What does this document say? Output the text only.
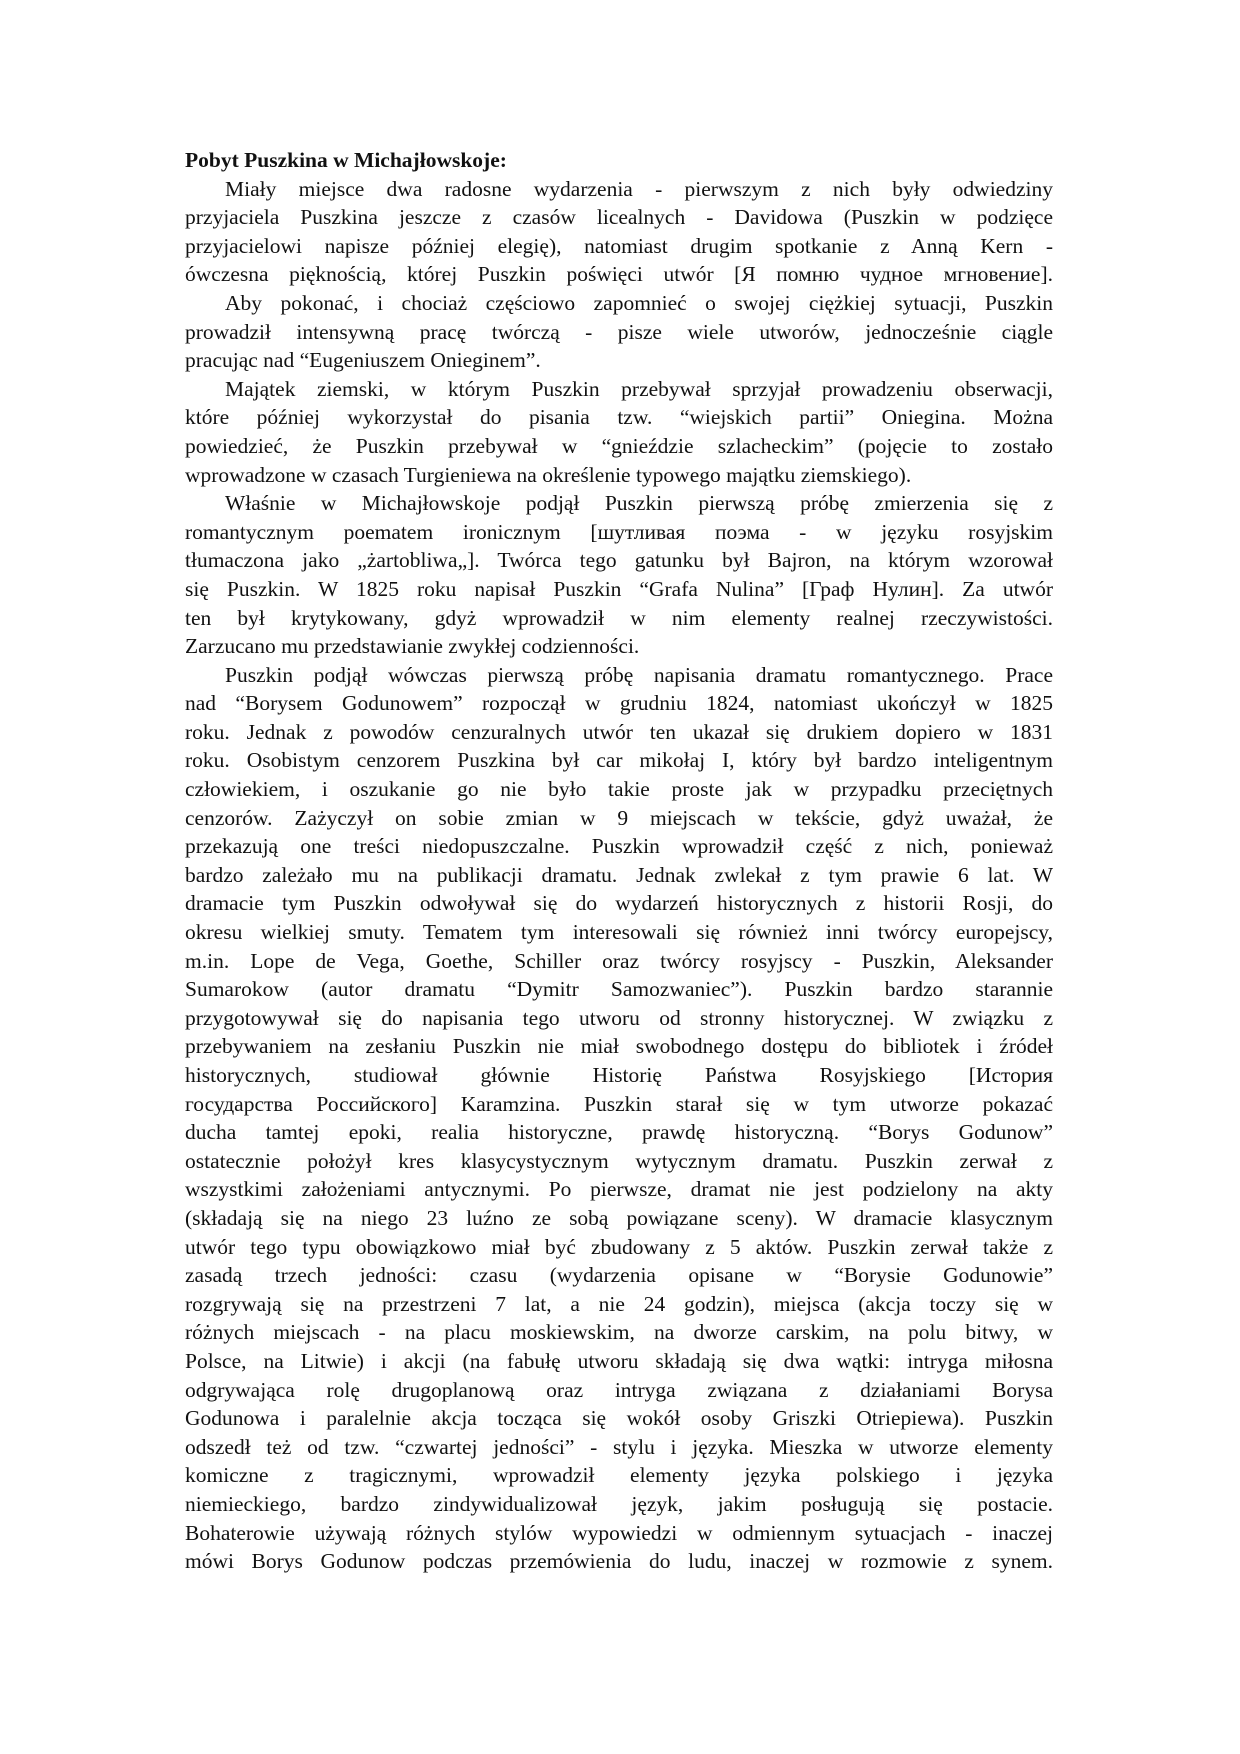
Pobyt Puszkina w Michajłowskoje:
Miały miejsce dwa radosne wydarzenia - pierwszym z nich były odwiedziny
przyjaciela Puszkina jeszcze z czasów licealnych - Davidowa (Puszkin w podzięce
przyjacielowi napisze później elegię), natomiast drugim spotkanie z Anną Kern -
ówczesna pięknością, której Puszkin poświęci utwór [Я помню чудное мгновение].
Aby pokonać, i chociaż częściowo zapomnieć o swojej ciężkiej sytuacji, Puszkin
prowadził intensywną pracę twórczą - pisze wiele utworów, jednocześnie ciągle
pracując nad “Eugeniuszem Onieginem”.
Majątek ziemski, w którym Puszkin przebywał sprzyjał prowadzeniu obserwacji,
które później wykorzystał do pisania tzw. “wiejskich partii” Oniegina. Można
powiedzieć, że Puszkin przebywał w “gnieździe szlacheckim” (pojęcie to zostało
wprowadzone w czasach Turgieniewa na określenie typowego majątku ziemskiego).
Właśnie w Michajłowskoje podjął Puszkin pierwszą próbę zmierzenia się z
romantycznym poematem ironicznym [шутливая поэма - w języku rosyjskim
tłumaczona jako „żartobliwa„]. Twórca tego gatunku był Bajron, na którym wzorował
się Puszkin. W 1825 roku napisał Puszkin “Grafa Nulina” [Граф Нулин]. Za utwór
ten był krytykowany, gdyż wprowadził w nim elementy realnej rzeczywistości.
Zarzucano mu przedstawianie zwykłej codzienności.
Puszkin podjął wówczas pierwszą próbę napisania dramatu romantycznego. Prace
nad “Borysem Godunowem” rozpoczął w grudniu 1824, natomiast ukończył w 1825
roku. Jednak z powodów cenzuralnych utwór ten ukazał się drukiem dopiero w 1831
roku. Osobistym cenzorem Puszkina był car mikołaj I, który był bardzo inteligentnym
człowiekiem, i oszukanie go nie było takie proste jak w przypadku przeciętnych
cenzorów. Zażyczył on sobie zmian w 9 miejscach w tekście, gdyż uważał, że
przekazują one treści niedopuszczalne. Puszkin wprowadził część z nich, ponieważ
bardzo zależało mu na publikacji dramatu. Jednak zwlekał z tym prawie 6 lat. W
dramacie tym Puszkin odwoływał się do wydarzeń historycznych z historii Rosji, do
okresu wielkiej smuty. Tematem tym interesowali się również inni twórcy europejscy,
m.in. Lope de Vega, Goethe, Schiller oraz twórcy rosyjscy - Puszkin, Aleksander
Sumarokow (autor dramatu “Dymitr Samozwaniec”). Puszkin bardzo starannie
przygotowywał się do napisania tego utworu od stronny historycznej. W związku z
przebywaniem na zesłaniu Puszkin nie miał swobodnego dostępu do bibliotek i źródeł
historycznych, studiował głównie Historię Państwa Rosyjskiego [История
государства Российского] Karamzina. Puszkin starał się w tym utworze pokazać
ducha tamtej epoki, realia historyczne, prawdę historyczną. “Borys Godunow”
ostatecznie położył kres klasycystycznym wytycznym dramatu. Puszkin zerwał z
wszystkimi założeniami antycznymi. Po pierwsze, dramat nie jest podzielony na akty
(składają się na niego 23 luźno ze sobą powiązane sceny). W dramacie klasycznym
utwór tego typu obowiązkowo miał być zbudowany z 5 aktów. Puszkin zerwał także z
zasadą trzech jedności: czasu (wydarzenia opisane w “Borysie Godunowie”
rozgrywają się na przestrzeni 7 lat, a nie 24 godzin), miejsca (akcja toczy się w
różnych miejscach - na placu moskiewskim, na dworze carskim, na polu bitwy, w
Polsce, na Litwie) i akcji (na fabułę utworu składają się dwa wątki: intryga miłosna
odgrywająca rolę drugoplanową oraz intryga związana z działaniami Borysa
Godunowa i paralelnie akcja tocząca się wokół osoby Griszki Otriepiewa). Puszkin
odszedł też od tzw. “czwartej jedności” - stylu i języka. Mieszka w utworze elementy
komiczne z tragicznymi, wprowadził elementy języka polskiego i języka
niemieckiego, bardzo zindywidualizował język, jakim posługują się postacie.
Bohaterowie używają różnych stylów wypowiedzi w odmiennym sytuacjach - inaczej
mówi Borys Godunow podczas przemówienia do ludu, inaczej w rozmowie z synem.
